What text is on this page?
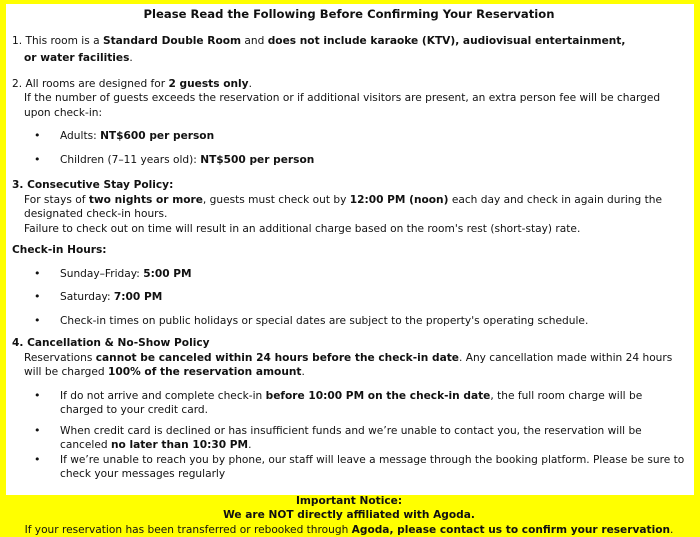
Please Read the Following Before Confirming Your Reservation

1. This room is a Standard Double Room and does not include karaoke (KTV), audiovisual entertainment,

or water facilities.

2. All rooms are designed for 2 guests only.

If the number of guests exceeds the reservation or if additional visitors are present, an extra person fee will be charged upon check-in:

• Adults: NT$600 per person
• Children (7–11 years old): NT$500 per person

3. Consecutive Stay Policy:

For stays of two nights or more, guests must check out by 12:00 PM (noon) each day and check in again during the designated check-in hours.

Failure to check out on time will result in an additional charge based on the room's rest (short-stay) rate.

Check-in Hours:

• Sunday–Friday: 5:00 PM
• Saturday: 7:00 PM
• Check-in times on public holidays or special dates are subject to the property's operating schedule.

4. Cancellation & No-Show Policy

Reservations cannot be canceled within 24 hours before the check-in date. Any cancellation made within 24 hours will be charged 100% of the reservation amount.

• If do not arrive and complete check-in before 10:00 PM on the check-in date, the full room charge will be charged to your credit card.
• When credit card is declined or has insufficient funds and we’re unable to contact you, the reservation will be canceled no later than 10:30 PM.
• If we’re unable to reach you by phone, our staff will leave a message through the booking platform. Please be sure to check your messages regularly

Important Notice:

We are NOT directly affiliated with Agoda.

If your reservation has been transferred or rebooked through Agoda, please contact us to confirm your reservation.
